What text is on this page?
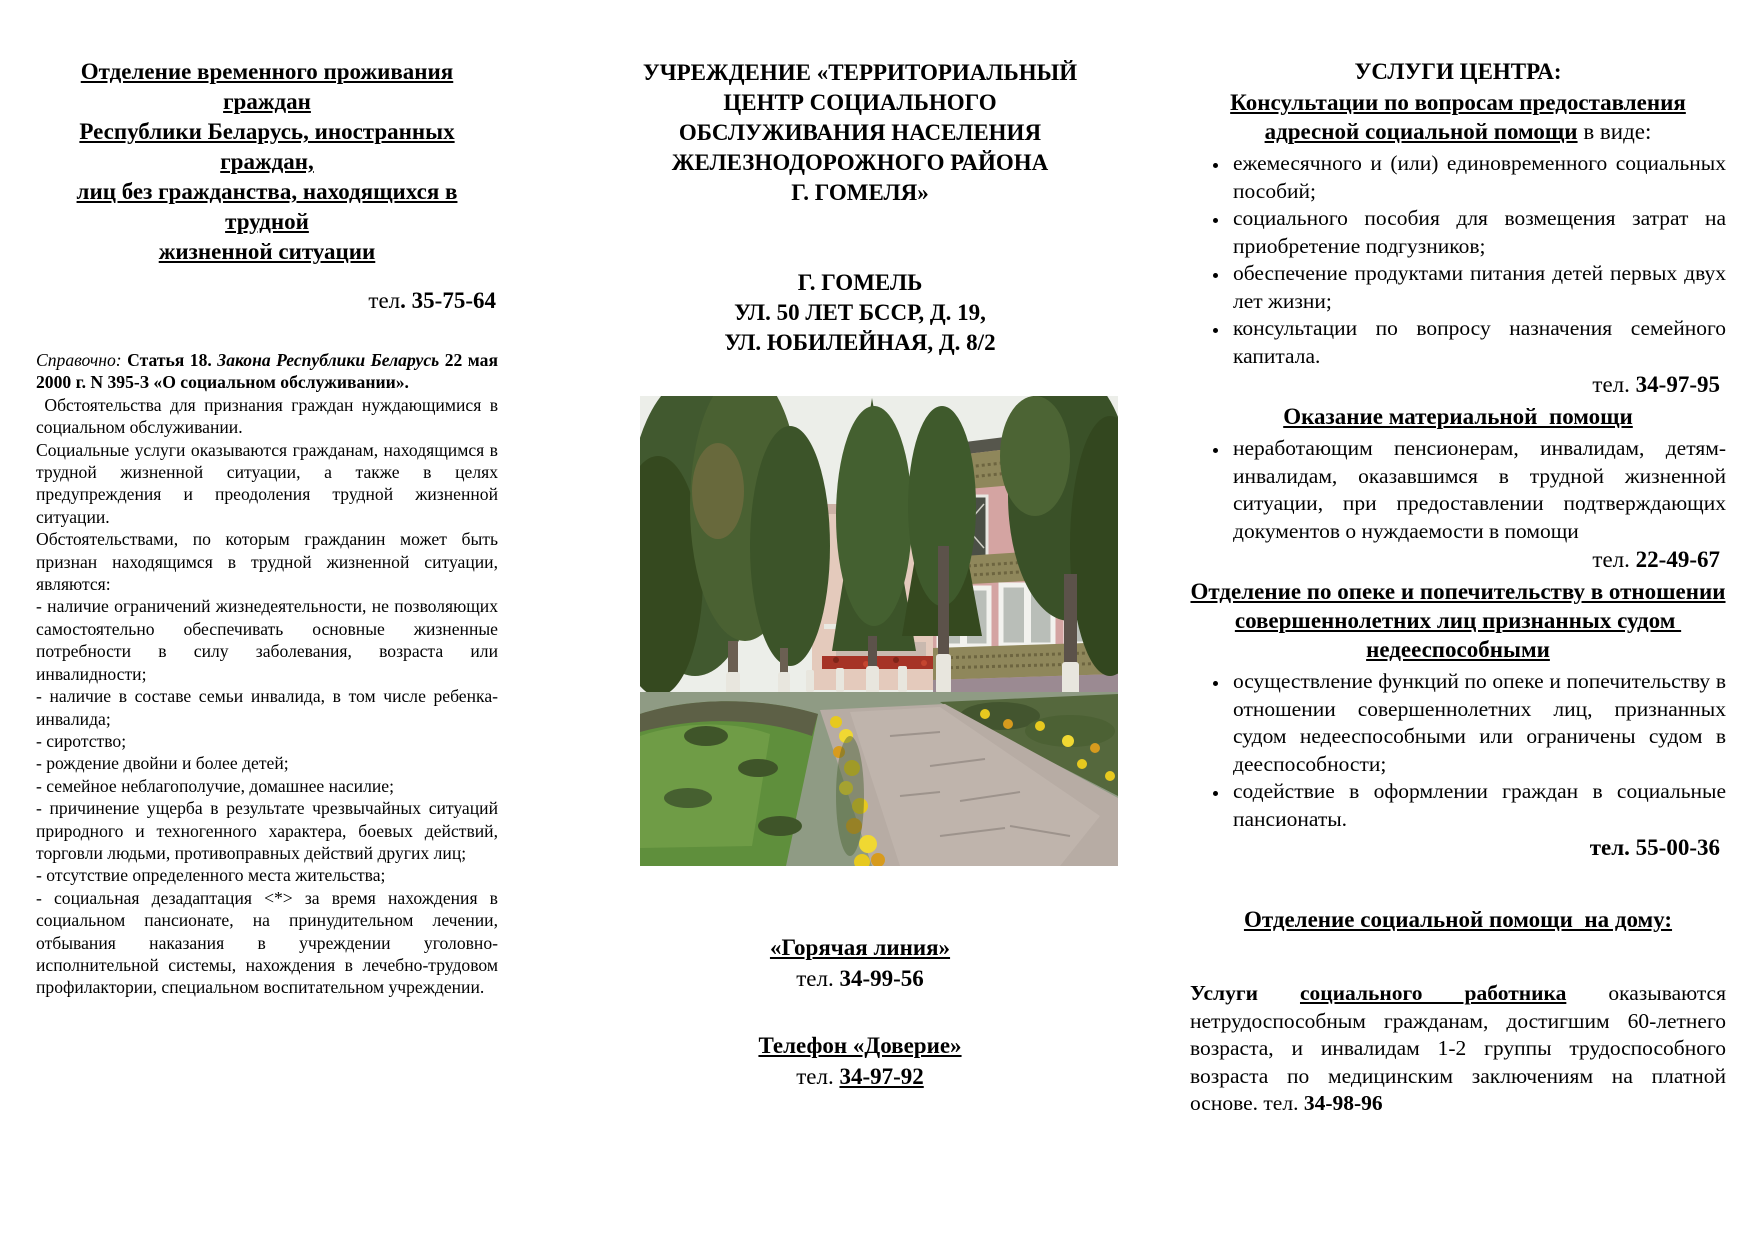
Отделение временного проживания граждан
Республики Беларусь, иностранных граждан,
лиц без гражданства, находящихся в трудной
жизненной ситуации
тел. 35-75-64

Справочно: Статья 18. Закона Республики Беларусь 22 мая 2000 г. N 395-З «О социальном обслуживании».

Обстоятельства для признания граждан нуждающимися в социальном обслуживании.

Социальные услуги оказываются гражданам, находящимся в трудной жизненной ситуации, а также в целях предупреждения и преодоления трудной жизненной ситуации.

Обстоятельствами, по которым гражданин может быть признан находящимся в трудной жизненной ситуации, являются:

- наличие ограничений жизнедеятельности, не позволяющих самостоятельно обеспечивать основные жизненные потребности в силу заболевания, возраста или инвалидности;

- наличие в составе семьи инвалида, в том числе ребенка-инвалида;

- сиротство;

- рождение двойни и более детей;

- семейное неблагополучие, домашнее насилие;

- причинение ущерба в результате чрезвычайных ситуаций природного и техногенного характера, боевых действий, торговли людьми, противоправных действий других лиц;

- отсутствие определенного места жительства;

- социальная дезадаптация <*> за время нахождения в социальном пансионате, на принудительном лечении, отбывания наказания в учреждении уголовно-исполнительной системы, нахождения в лечебно-трудовом профилактории, специальном воспитательном учреждении.

УЧРЕЖДЕНИЕ «ТЕРРИТОРИАЛЬНЫЙ
ЦЕНТР СОЦИАЛЬНОГО
ОБСЛУЖИВАНИЯ НАСЕЛЕНИЯ
ЖЕЛЕЗНОДОРОЖНОГО РАЙОНА
Г. ГОМЕЛЯ»
Г. ГОМЕЛЬ
УЛ. 50 ЛЕТ БССР, Д. 19,
УЛ. ЮБИЛЕЙНАЯ, Д. 8/2
«Горячая линия»
тел. 34-99-56
Телефон «Доверие»
тел. 34-97-92
УСЛУГИ ЦЕНТРА:
Консультации по вопросам предоставления адресной социальной помощи в виде:
• ежемесячного и (или) единовременного социальных пособий;
• социального пособия для возмещения затрат на приобретение подгузников;
• обеспечение продуктами питания детей первых двух лет жизни;
• консультации по вопросу назначения семейного капитала.
тел. 34-97-95
Оказание материальной  помощи
• неработающим пенсионерам, инвалидам, детям-инвалидам, оказавшимся в трудной жизненной ситуации, при предоставлении подтверждающих документов о нуждаемости в помощи
тел. 22-49-67
Отделение по опеке и попечительству в отношении совершеннолетних лиц признанных судом  недееспособными
• осуществление функций по опеке и попечительству в отношении совершеннолетних лиц, признанных судом недееспособными или ограничены судом в дееспособности;
• содействие в оформлении граждан в социальные пансионаты.
тел. 55-00-36
Отделение социальной помощи  на дому:

Услуги социального работника оказываются нетрудоспособным гражданам, достигшим 60-летнего возраста, и инвалидам 1-2 группы трудоспособного возраста по медицинским заключениям на платной основе. тел. 34-98-96
